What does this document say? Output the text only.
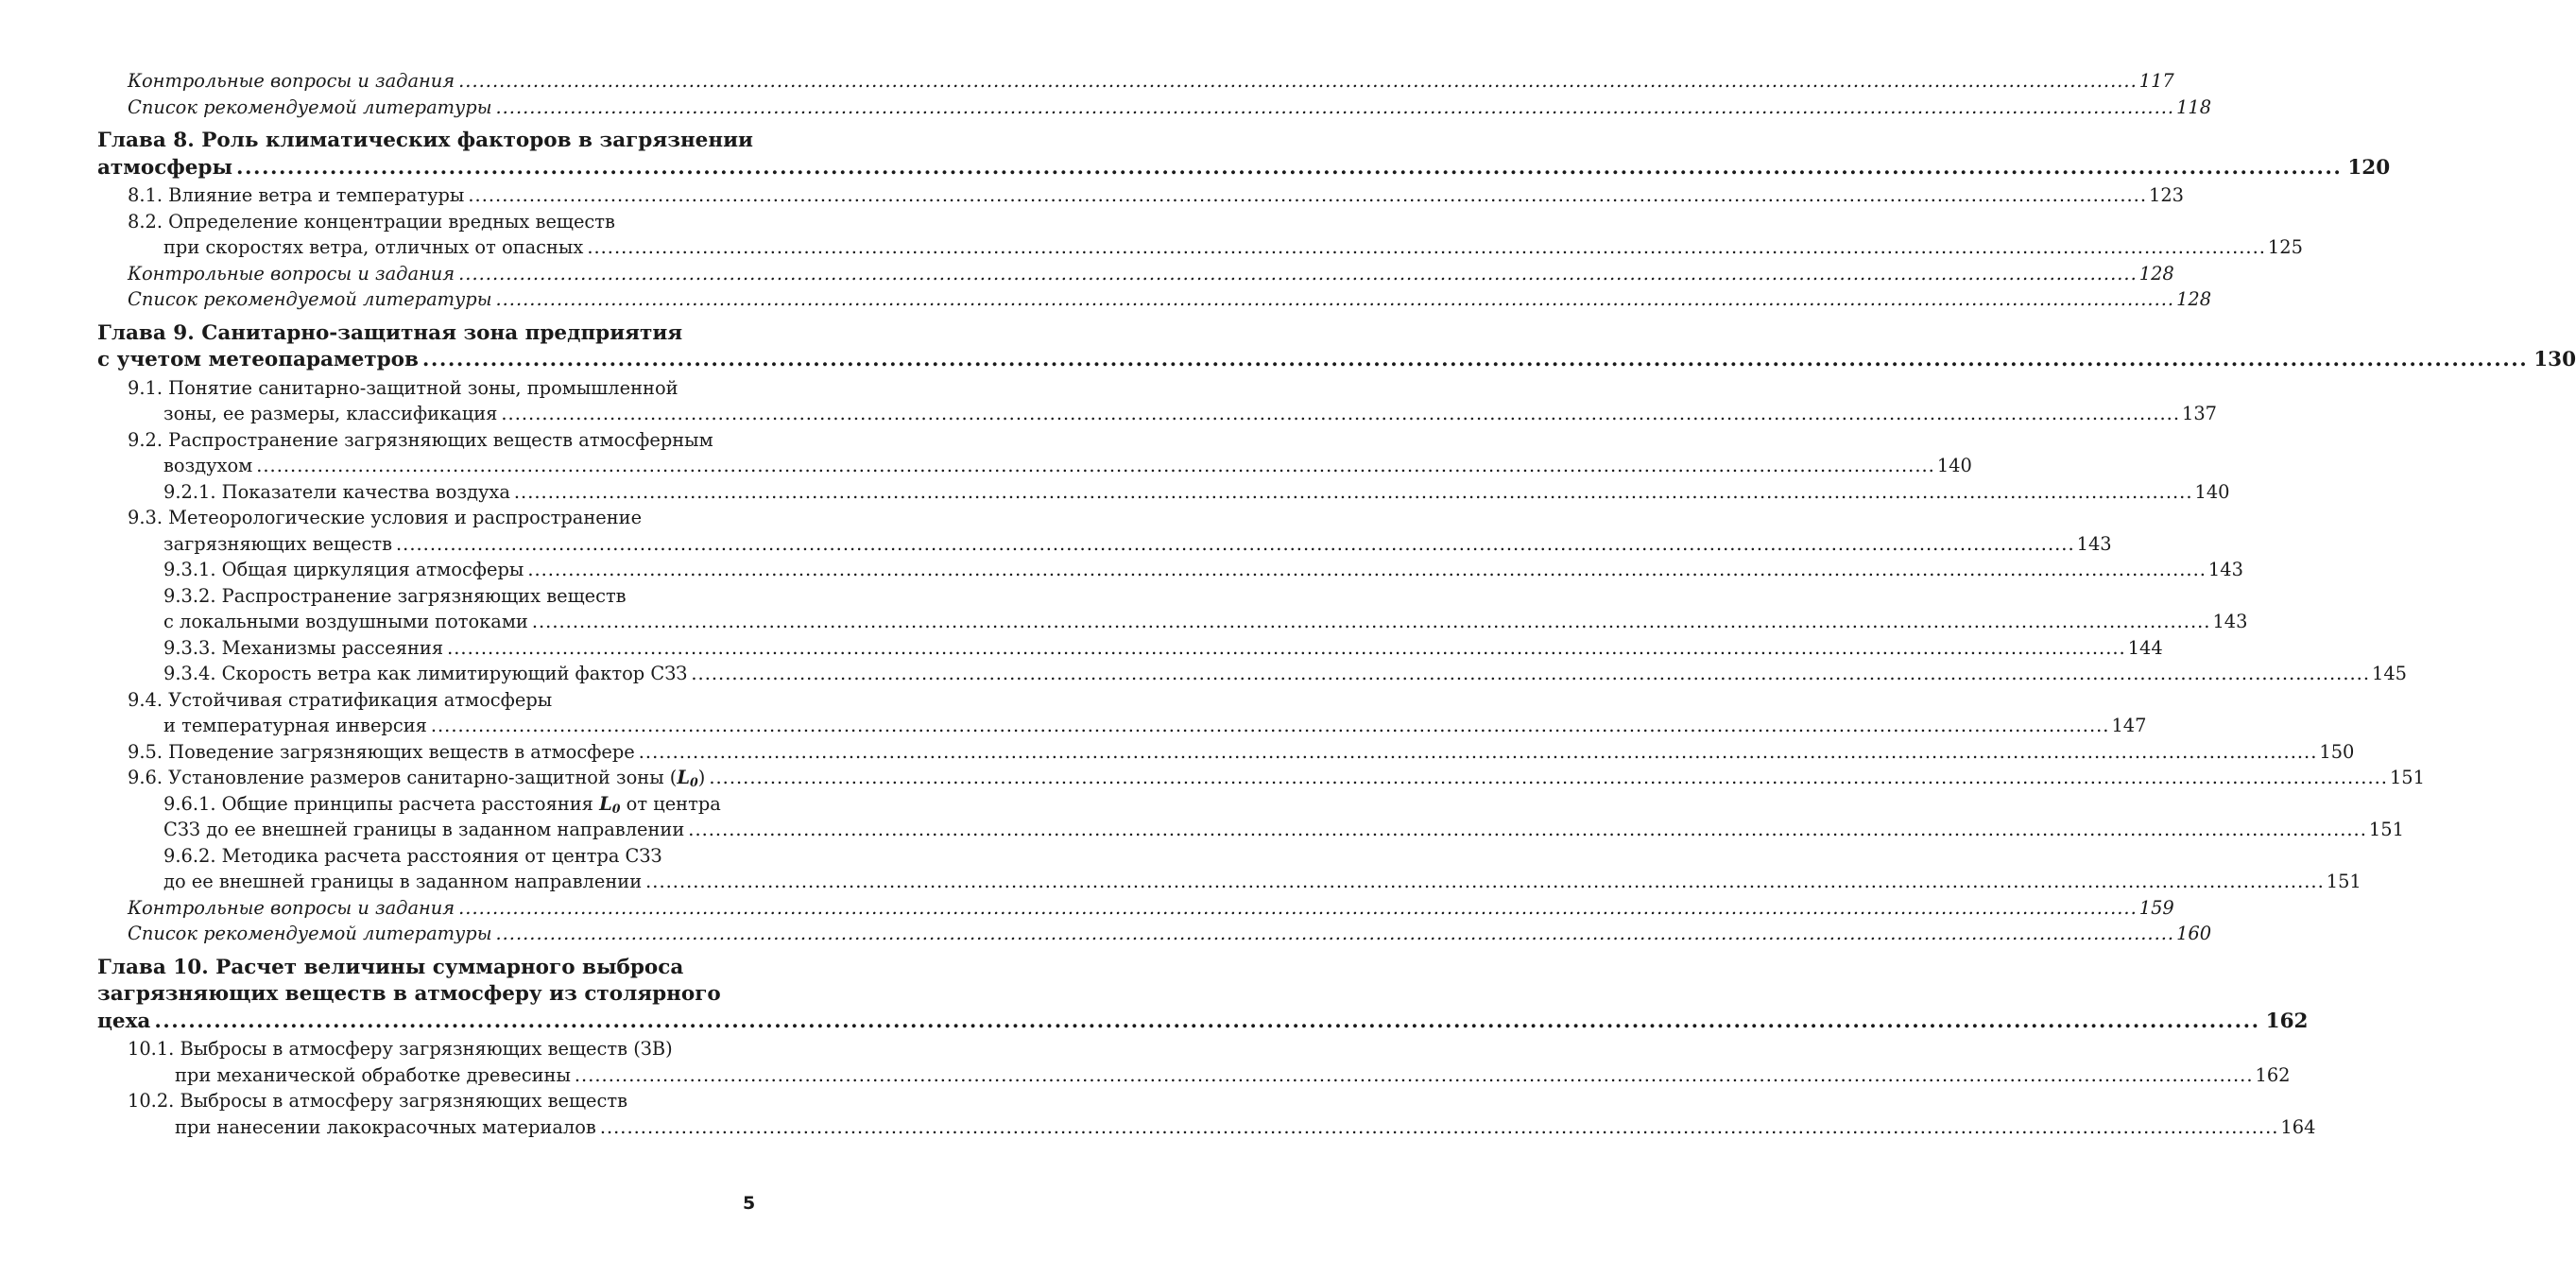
Контрольные вопросы и задания .....	117
Список рекомендуемой литературы .....	118
Глава 8. Роль климатических факторов в загрязнении
атмосферы .....	120
8.1. Влияние ветра и температуры .....	123
8.2. Определение концентрации вредных веществ
при скоростях ветра, отличных от опасных .....	125
Контрольные вопросы и задания .....	128
Список рекомендуемой литературы .....	128
Глава 9. Санитарно-защитная зона предприятия
с учетом метеопараметров .....	130
9.1. Понятие санитарно-защитной зоны, промышленной
зоны, ее размеры, классификация .....	137
9.2. Распространение загрязняющих веществ атмосферным
воздухом .....	140
9.2.1. Показатели качества воздуха .....	140
9.3. Метеорологические условия и распространение
загрязняющих веществ .....	143
9.3.1. Общая циркуляция атмосферы .....	143
9.3.2. Распространение загрязняющих веществ
с локальными воздушными потоками .....	143
9.3.3. Механизмы рассеяния .....	144
9.3.4. Скорость ветра как лимитирующий фактор СЗЗ .....	145
9.4. Устойчивая стратификация атмосферы
и температурная инверсия .....	147
9.5. Поведение загрязняющих веществ в атмосфере .....	150
9.6. Установление размеров санитарно-защитной зоны $(L_0)$ .....	151
9.6.1. Общие принципы расчета расстояния $L_0$ от центра
СЗЗ до ее внешней границы в заданном направлении .....	151
9.6.2. Методика расчета расстояния от центра СЗЗ
до ее внешней границы в заданном направлении .....	151
Контрольные вопросы и задания .....	159
Список рекомендуемой литературы .....	160
Глава 10. Расчет величины суммарного выброса
загрязняющих веществ в атмосферу из столярного
цеха .....	162
10.1. Выбросы в атмосферу загрязняющих веществ (ЗВ)
при механической обработке древесины .....	162
10.2. Выбросы в атмосферу загрязняющих веществ
при нанесении лакокрасочных материалов .....	164
5
